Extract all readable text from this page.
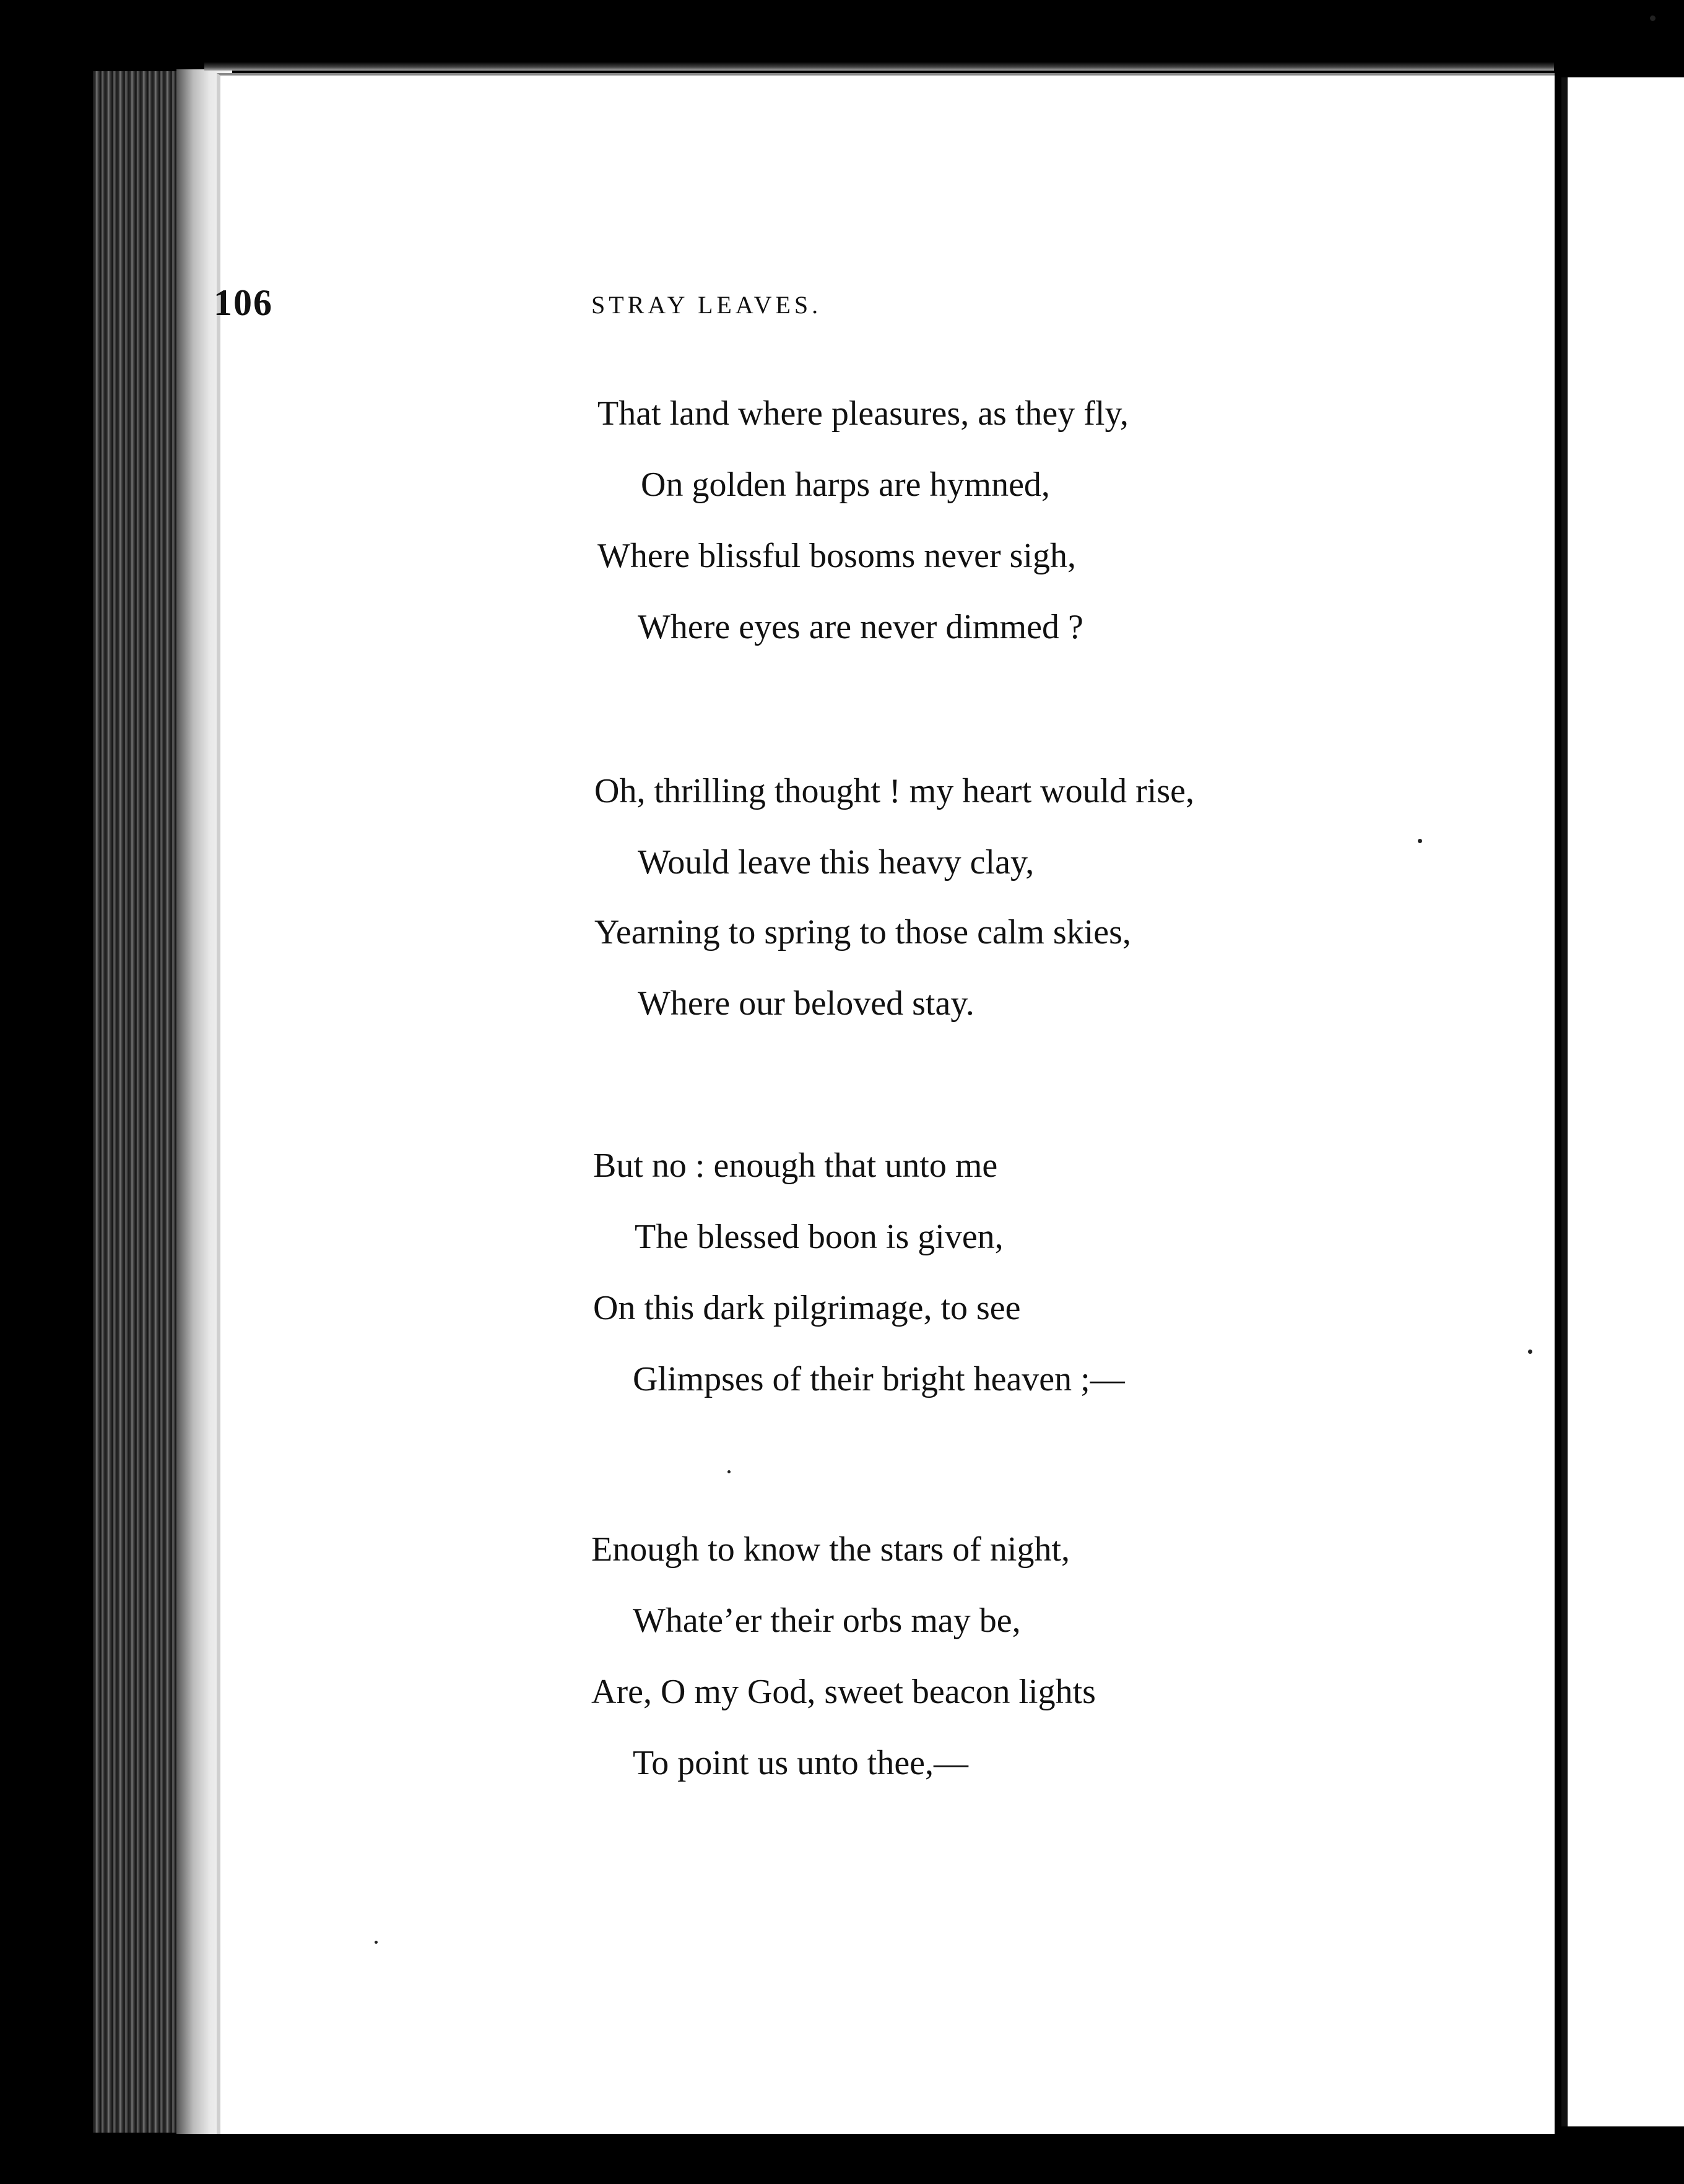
106	STRAY LEAVES.
That land where pleasures, as they fly,
On golden harps are hymned,
Where blissful bosoms never sigh,
Where eyes are never dimmed ?
Oh, thrilling thought ! my heart would rise,
Would leave this heavy clay,
Yearning to spring to those calm skies,
Where our beloved stay.
But no : enough that unto me
The blessed boon is given,
On this dark pilgrimage, to see
Glimpses of their bright heaven ;—
Enough to know the stars of night,
Whate’er their orbs may be,
Are, O my God, sweet beacon lights
To point us unto thee,—
